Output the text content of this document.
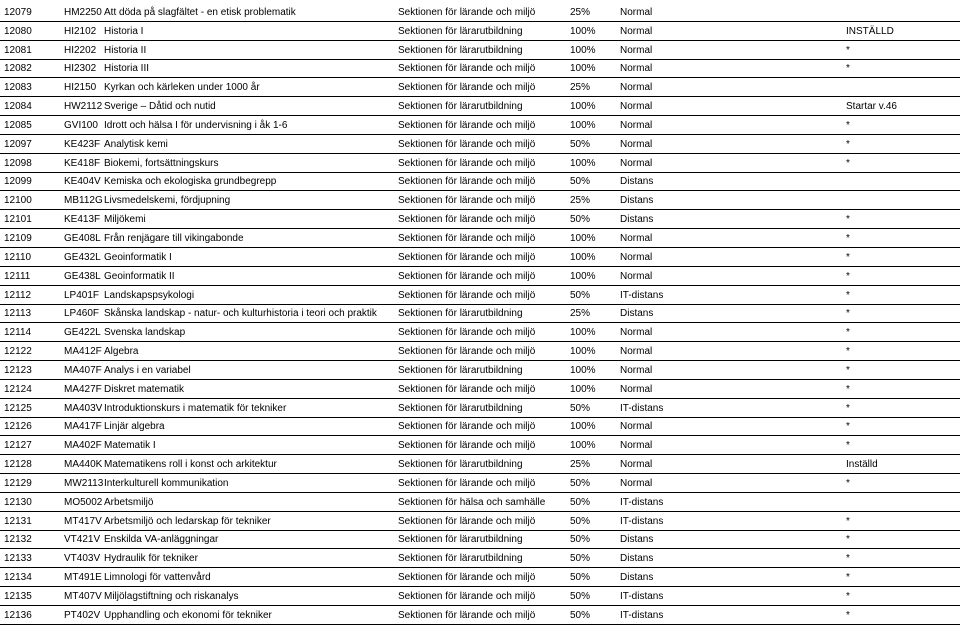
12079	HM2250 Att döda på slagfältet - en etisk problematik	Sektionen för lärande och miljö	25%	Normal
12080	HI2102 Historia I	Sektionen för lärarutbildning	100% Normal	INSTÄLLD
12081	HI2202 Historia II	Sektionen för lärarutbildning	100% Normal	*
12082	HI2302 Historia III	Sektionen för lärande och miljö	100% Normal	*
12083	HI2150 Kyrkan och kärleken under 1000 år	Sektionen för lärande och miljö	25%	Normal
12084	HW2112 Sverige – Dåtid och nutid	Sektionen för lärarutbildning	100% Normal	Startar v.46
12085	GVI100 Idrott och hälsa I för undervisning i åk 1-6	Sektionen för lärande och miljö	100% Normal	*
12097	KE423F Analytisk kemi	Sektionen för lärande och miljö	50%	Normal	*
12098	KE418F Biokemi, fortsättningskurs	Sektionen för lärande och miljö	100% Normal	*
12099	KE404V Kemiska och ekologiska grundbegrepp	Sektionen för lärande och miljö	50%	Distans
12100	MB112G Livsmedelskemi, fördjupning	Sektionen för lärande och miljö	25%	Distans
12101	KE413F Miljökemi	Sektionen för lärande och miljö	50%	Distans	*
12109	GE408L Från renjägare till vikingabonde	Sektionen för lärande och miljö	100% Normal	*
12110	GE432L Geoinformatik I	Sektionen för lärande och miljö	100% Normal	*
12111	GE438L Geoinformatik II	Sektionen för lärande och miljö	100% Normal	*
12112	LP401F Landskapspsykologi	Sektionen för lärande och miljö	50%	IT-distans	*
12113	LP460F Skånska landskap - natur- och kulturhistoria i teori och praktik Sektionen för lärarutbildning	25%	Distans	*
12114	GE422L Svenska landskap	Sektionen för lärande och miljö	100% Normal	*
12122	MA412F Algebra	Sektionen för lärande och miljö	100% Normal	*
12123	MA407F Analys i en variabel	Sektionen för lärarutbildning	100% Normal	*
12124	MA427F Diskret matematik	Sektionen för lärande och miljö	100% Normal	*
12125	MA403V Introduktionskurs i matematik för tekniker	Sektionen för lärarutbildning	50%	IT-distans	*
12126	MA417F Linjär algebra	Sektionen för lärande och miljö	100% Normal	*
12127	MA402F Matematik I	Sektionen för lärande och miljö	100% Normal	*
12128	MA440K Matematikens roll i konst och arkitektur	Sektionen för lärarutbildning	25%	Normal	Inställd
12129	MW2113 Interkulturell kommunikation	Sektionen för lärande och miljö	50%	Normal	*
12130	MO5002 Arbetsmiljö	Sektionen för hälsa och samhälle 50%	IT-distans
12131	MT417V Arbetsmiljö och ledarskap för tekniker	Sektionen för lärande och miljö	50%	IT-distans	*
12132	VT421V Enskilda VA-anläggningar	Sektionen för lärarutbildning	50%	Distans	*
12133	VT403V Hydraulik för tekniker	Sektionen för lärarutbildning	50%	Distans	*
12134	MT491E Limnologi för vattenvård	Sektionen för lärande och miljö	50%	Distans	*
12135	MT407V Miljölagstiftning och riskanalys	Sektionen för lärande och miljö	50%	IT-distans	*
12136	PT402V Upphandling och ekonomi för tekniker	Sektionen för lärande och miljö	50%	IT-distans	*
